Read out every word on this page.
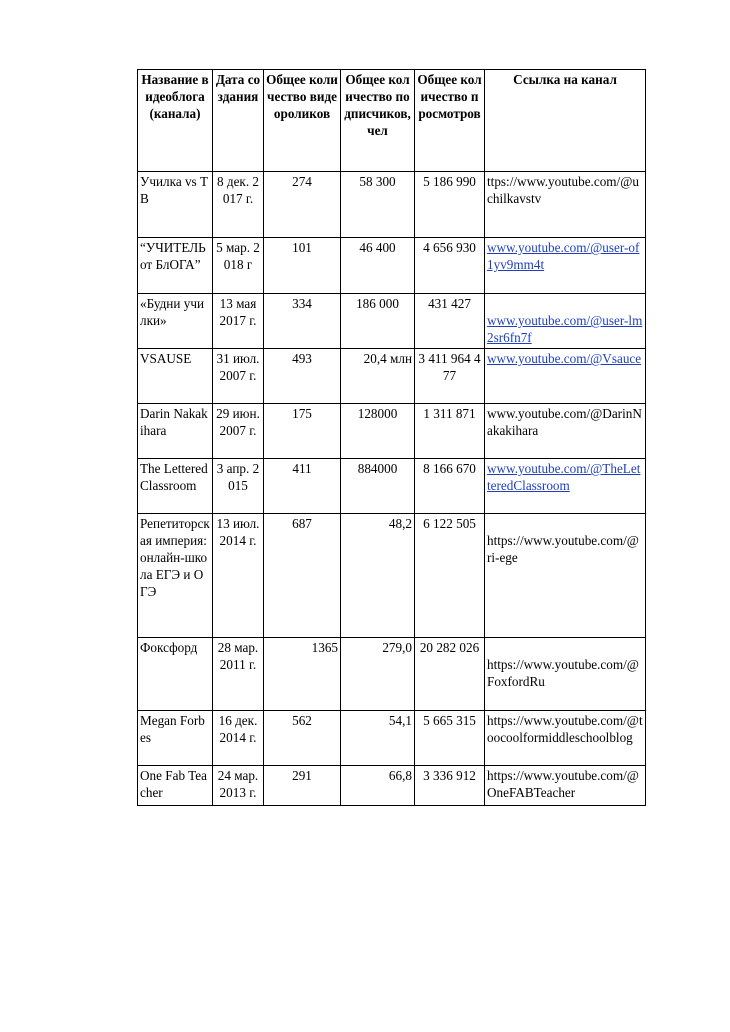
Название видеоблога (канала)	Дата создания	Общее количество видеороликов	Общее количество подписчиков, чел	Общее количество просмотров	Ссылка на канал
Училка vs ТВ	8 дек. 2017 г.	274	58 300	5 186 990	ttps://www.youtube.com/@uchilkavstv
“УЧИТЕЛЬ от БлОГА”	5 мар. 2018 г	101	46 400	4 656 930	www.youtube.com/@user-of1yv9mm4t
«Будни училки»	13 мая 2017 г.	334	186 000	431 427	www.youtube.com/@user-lm2sr6fn7f
VSAUSE	31 июл. 2007 г.	493	20,4 млн	3 411 964 477	www.youtube.com/@Vsauce
Darin Nakakihara	29 июн. 2007 г.	175	128000	1 311 871	www.youtube.com/@DarinNakakihara
The Lettered Classroom	3 апр. 2015	411	884000	8 166 670	www.youtube.com/@TheLetteredClassroom
Репетиторская империя: онлайн-школа ЕГЭ и ОГЭ	13 июл. 2014 г.	687	48,2	6 122 505	https://www.youtube.com/@ri-ege
Фоксфорд	28 мар. 2011 г.	1365	279,0	20 282 026	https://www.youtube.com/@FoxfordRu
Megan Forbes	16 дек. 2014 г.	562	54,1	5 665 315	https://www.youtube.com/@toocoolformiddleschoolblog
One Fab Teacher	24 мар. 2013 г.	291	66,8	3 336 912	https://www.youtube.com/@OneFABTeacher
